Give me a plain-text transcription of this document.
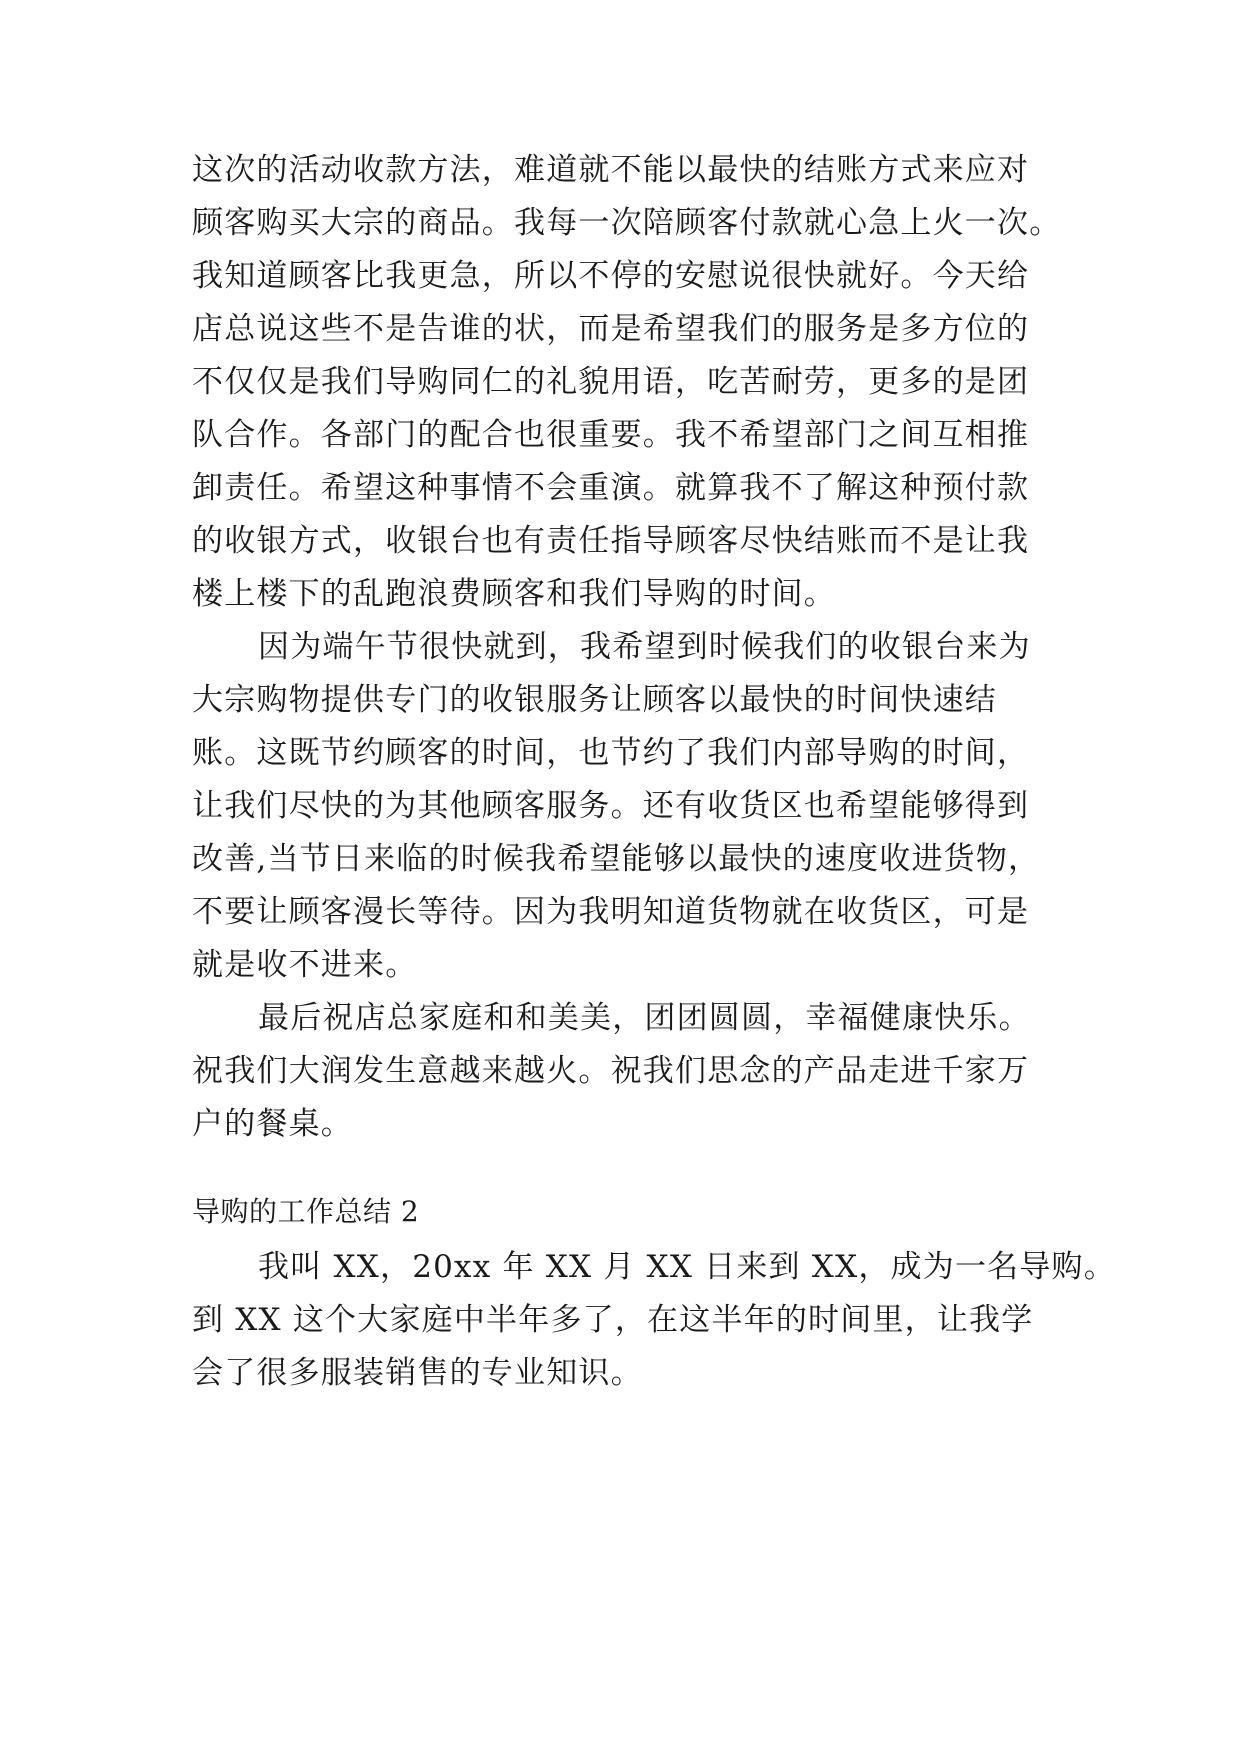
这次的活动收款方法，难道就不能以最快的结账方式来应对
顾客购买大宗的商品。我每一次陪顾客付款就心急上火一次。
我知道顾客比我更急，所以不停的安慰说很快就好。今天给
店总说这些不是告谁的状，而是希望我们的服务是多方位的
不仅仅是我们导购同仁的礼貌用语，吃苦耐劳，更多的是团
队合作。各部门的配合也很重要。我不希望部门之间互相推
卸责任。希望这种事情不会重演。就算我不了解这种预付款
的收银方式，收银台也有责任指导顾客尽快结账而不是让我
楼上楼下的乱跑浪费顾客和我们导购的时间。
因为端午节很快就到，我希望到时候我们的收银台来为
大宗购物提供专门的收银服务让顾客以最快的时间快速结
账。这既节约顾客的时间，也节约了我们内部导购的时间，
让我们尽快的为其他顾客服务。还有收货区也希望能够得到
改善,当节日来临的时候我希望能够以最快的速度收进货物，
不要让顾客漫长等待。因为我明知道货物就在收货区，可是
就是收不进来。
最后祝店总家庭和和美美，团团圆圆，幸福健康快乐。
祝我们大润发生意越来越火。祝我们思念的产品走进千家万
户的餐桌。
导购的工作总结 2
我叫 XX，20xx 年 XX 月 XX 日来到 XX，成为一名导购。
到 XX 这个大家庭中半年多了，在这半年的时间里，让我学
会了很多服装销售的专业知识。
